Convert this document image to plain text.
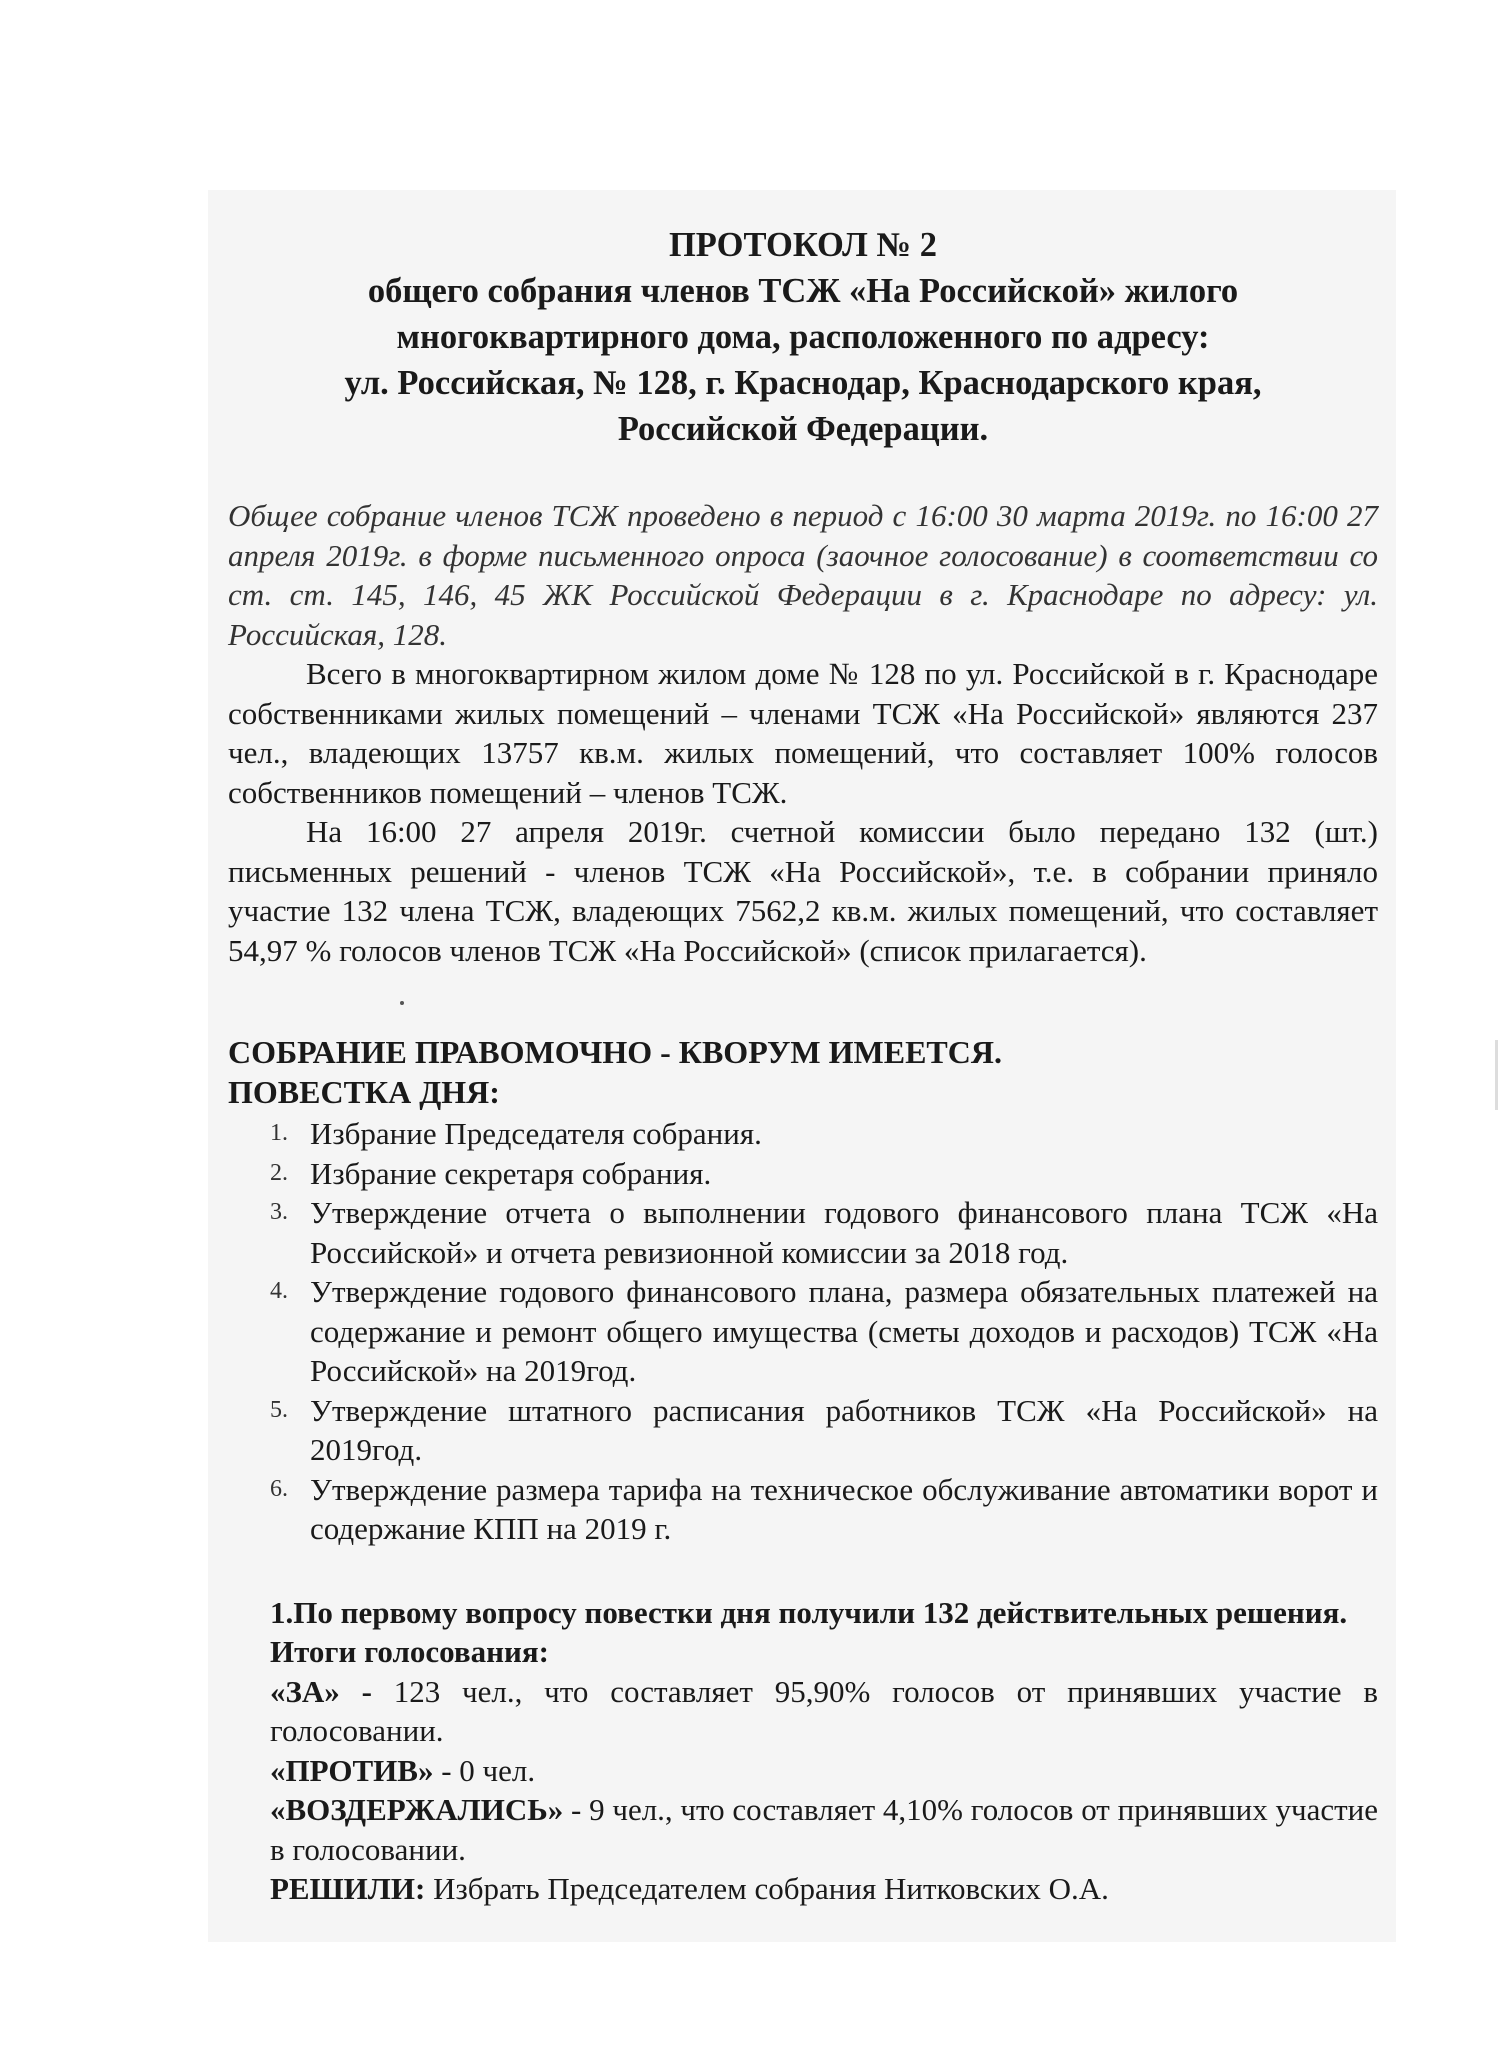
ПРОТОКОЛ № 2
общего собрания членов ТСЖ «На Российской» жилого
многоквартирного дома, расположенного по адресу:
ул. Российская, № 128, г. Краснодар, Краснодарского края,
Российской Федерации.
Общее собрание членов ТСЖ проведено в период с 16:00 30 марта 2019г. по 16:00 27 апреля 2019г. в форме письменного опроса (заочное голосование) в соответствии со ст. ст. 145, 146, 45 ЖК Российской Федерации в г. Краснодаре по адресу: ул. Российская, 128.

Всего в многоквартирном жилом доме № 128 по ул. Российской в г. Краснодаре собственниками жилых помещений – членами ТСЖ «На Российской» являются 237 чел., владеющих 13757 кв.м. жилых помещений, что составляет 100% голосов собственников помещений – членов ТСЖ.

На 16:00 27 апреля 2019г. счетной комиссии было передано 132 (шт.) письменных решений - членов ТСЖ «На Российской», т.е. в собрании приняло участие 132 члена ТСЖ, владеющих 7562,2 кв.м. жилых помещений, что составляет 54,97 % голосов членов ТСЖ «На Российской» (список прилагается).

СОБРАНИЕ ПРАВОМОЧНО - КВОРУМ ИМЕЕТСЯ.
ПОВЕСТКА ДНЯ:
1. Избрание Председателя собрания.
2. Избрание секретаря собрания.
3. Утверждение отчета о выполнении годового финансового плана ТСЖ «На Российской» и отчета ревизионной комиссии за 2018 год.
4. Утверждение годового финансового плана, размера обязательных платежей на содержание и ремонт общего имущества (сметы доходов и расходов) ТСЖ «На Российской» на 2019год.
5. Утверждение штатного расписания работников ТСЖ «На Российской» на 2019год.
6. Утверждение размера тарифа на техническое обслуживание автоматики ворот и содержание КПП на 2019 г.
1.По первому вопросу повестки дня получили 132 действительных решения.
Итоги голосования:
«ЗА» - 123 чел., что составляет 95,90% голосов от принявших участие в голосовании.
«ПРОТИВ» - 0 чел.
«ВОЗДЕРЖАЛИСЬ» - 9 чел., что составляет 4,10% голосов от принявших участие в голосовании.
РЕШИЛИ: Избрать Председателем собрания Нитковских О.А.
